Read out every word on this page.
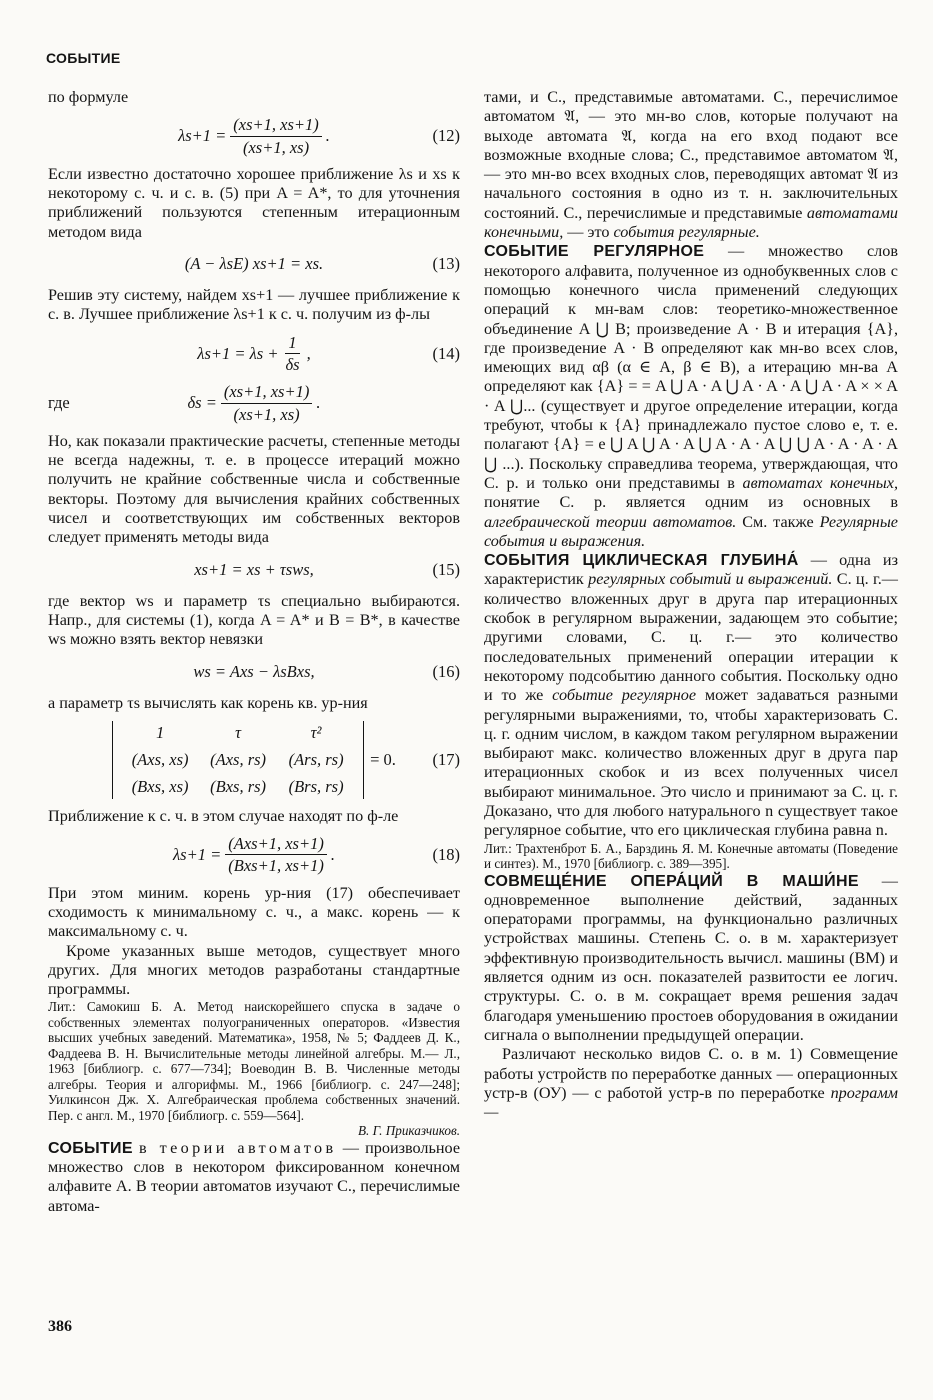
СОБЫТИЕ

по формуле

$\lambda s+1 = \frac{(xs+1, xs+1)}{(xs+1, xs)}$ .	(12)

Если известно достаточно хорошее приближение λs и xs к некоторому с. ч. и с. в. (5) при A = A*, то для уточнения приближений пользуются степенным итерационным методом вида

(A − λsE) xs+1 = xs.	(13)

Решив эту систему, найдем xs+1 — лучшее приближение к с. в. Лучшее приближение λs+1 к с. ч. получим из ф-лы

$\lambda s+1 = \lambda s + \frac{1}{\delta s}$ ,	(14)
где	$\delta s = \frac{(xs+1, xs+1)}{(xs+1, xs)}$ .

Но, как показали практические расчеты, степенные методы не всегда надежны, т. е. в процессе итераций можно получить не крайние собственные числа и собственные векторы. Поэтому для вычисления крайних собственных чисел и соответствующих им собственных векторов следует применять методы вида

xs+1 = xs + τsws,	(15)

где вектор ws и параметр τs специально выбираются. Напр., для системы (1), когда A = A* и B = B*, в качестве ws можно взять вектор невязки

ws = Axs − λsBxs,	(16)

а параметр τs вычислять как корень кв. ур-ния

1	τ	τ²
(Axs, xs)	(Axs, rs)	(Ars, rs)
(Bxs, xs)	(Bxs, rs)	(Brs, rs)
= 0. (17)

Приближение к с. ч. в этом случае находят по ф-ле

$\lambda s+1 = \frac{\text{(Axs+1, xs+1)}}{\text{(Bxs+1, xs+1)}}$ .	(18)

При этом миним. корень ур-ния (17) обеспечивает сходимость к минимальному с. ч., а макс. корень — к максимальному с. ч.

Кроме указанных выше методов, существует много других. Для многих методов разработаны стандартные программы.

Лит.: Самокиш Б. А. Метод наискорейшего спуска в задаче о собственных элементах полуограниченных операторов. «Известия высших учебных заведений. Математика», 1958, № 5; Фаддеев Д. К., Фаддеева В. Н. Вычислительные методы линейной алгебры. М.— Л., 1963 [библиогр. с. 677—734]; Воеводин В. В. Численные методы алгебры. Теория и алгорифмы. М., 1966 [библиогр. с. 247—248]; Уилкинсон Дж. Х. Алгебраическая проблема собственных значений. Пер. с англ. М., 1970 [библиогр. с. 559—564].

В. Г. Приказчиков.

СОБЫТИЕ в теории автоматов — произвольное множество слов в некотором фиксированном конечном алфавите A. В теории автоматов изучают С., перечислимые автома-

тами, и С., представимые автоматами. С., перечислимое автоматом 𝔄, — это мн-во слов, которые получают на выходе автомата 𝔄, когда на его вход подают все возможные входные слова; С., представимое автоматом 𝔄,— это мн-во всех входных слов, переводящих автомат 𝔄 из начального состояния в одно из т. н. заключительных состояний. С., перечислимые и представимые автоматами конечными, — это события регулярные.

СОБЫТИЕ РЕГУЛЯРНОЕ — множество слов некоторого алфавита, полученное из однобуквенных слов с помощью конечного числа применений следующих операций к мн-вам слов: теоретико-множественное объединение A ⋃ B; произведение A · B и итерация {A}, где произведение A · B определяют как мн-во всех слов, имеющих вид αβ (α ∈ A, β ∈ B), а итерацию мн-ва A определяют как {A} = = A ⋃ A · A ⋃ A · A · A ⋃ A · A × × A · A ⋃... (существует и другое определение итерации, когда требуют, чтобы к {A} принадлежало пустое слово e, т. е. полагают {A} = e ⋃ A ⋃ A · A ⋃ A · A · A ⋃ ⋃ A · A · A · A ⋃ ...). Поскольку справедлива теорема, утверждающая, что С. р. и только они представимы в автоматах конечных, понятие С. р. является одним из основных в алгебраической теории автоматов. См. также Регулярные события и выражения.

СОБЫТИЯ ЦИКЛИЧЕСКАЯ ГЛУБИНА́ — одна из характеристик регулярных событий и выражений. С. ц. г.— количество вложенных друг в друга пар итерационных скобок в регулярном выражении, задающем это событие; другими словами, С. ц. г.— это количество последовательных применений операции итерации к некоторому подсобытию данного события. Поскольку одно и то же событие регулярное может задаваться разными регулярными выражениями, то, чтобы характеризовать С. ц. г. одним числом, в каждом таком регулярном выражении выбирают макс. количество вложенных друг в друга пар итерационных скобок и из всех полученных чисел выбирают минимальное. Это число и принимают за С. ц. г. Доказано, что для любого натурального n существует такое регулярное событие, что его циклическая глубина равна n.

Лит.: Трахтенброт Б. А., Барздинь Я. М. Конечные автоматы (Поведение и синтез). М., 1970 [библиогр. с. 389—395].

СОВМЕЩЕ́НИЕ ОПЕРА́ЦИЙ В МАШИ́НЕ — одновременное выполнение действий, заданных операторами программы, на функционально различных устройствах машины. Степень С. о. в м. характеризует эффективную производительность вычисл. машины (ВМ) и является одним из осн. показателей развитости ее логич. структуры. С. о. в м. сокращает время решения задач благодаря уменьшению простоев оборудования в ожидании сигнала о выполнении предыдущей операции.

Различают несколько видов С. о. в м. 1) Совмещение работы устройств по переработке данных — операционных устр-в (ОУ) — с работой устр-в по переработке программ —

386
